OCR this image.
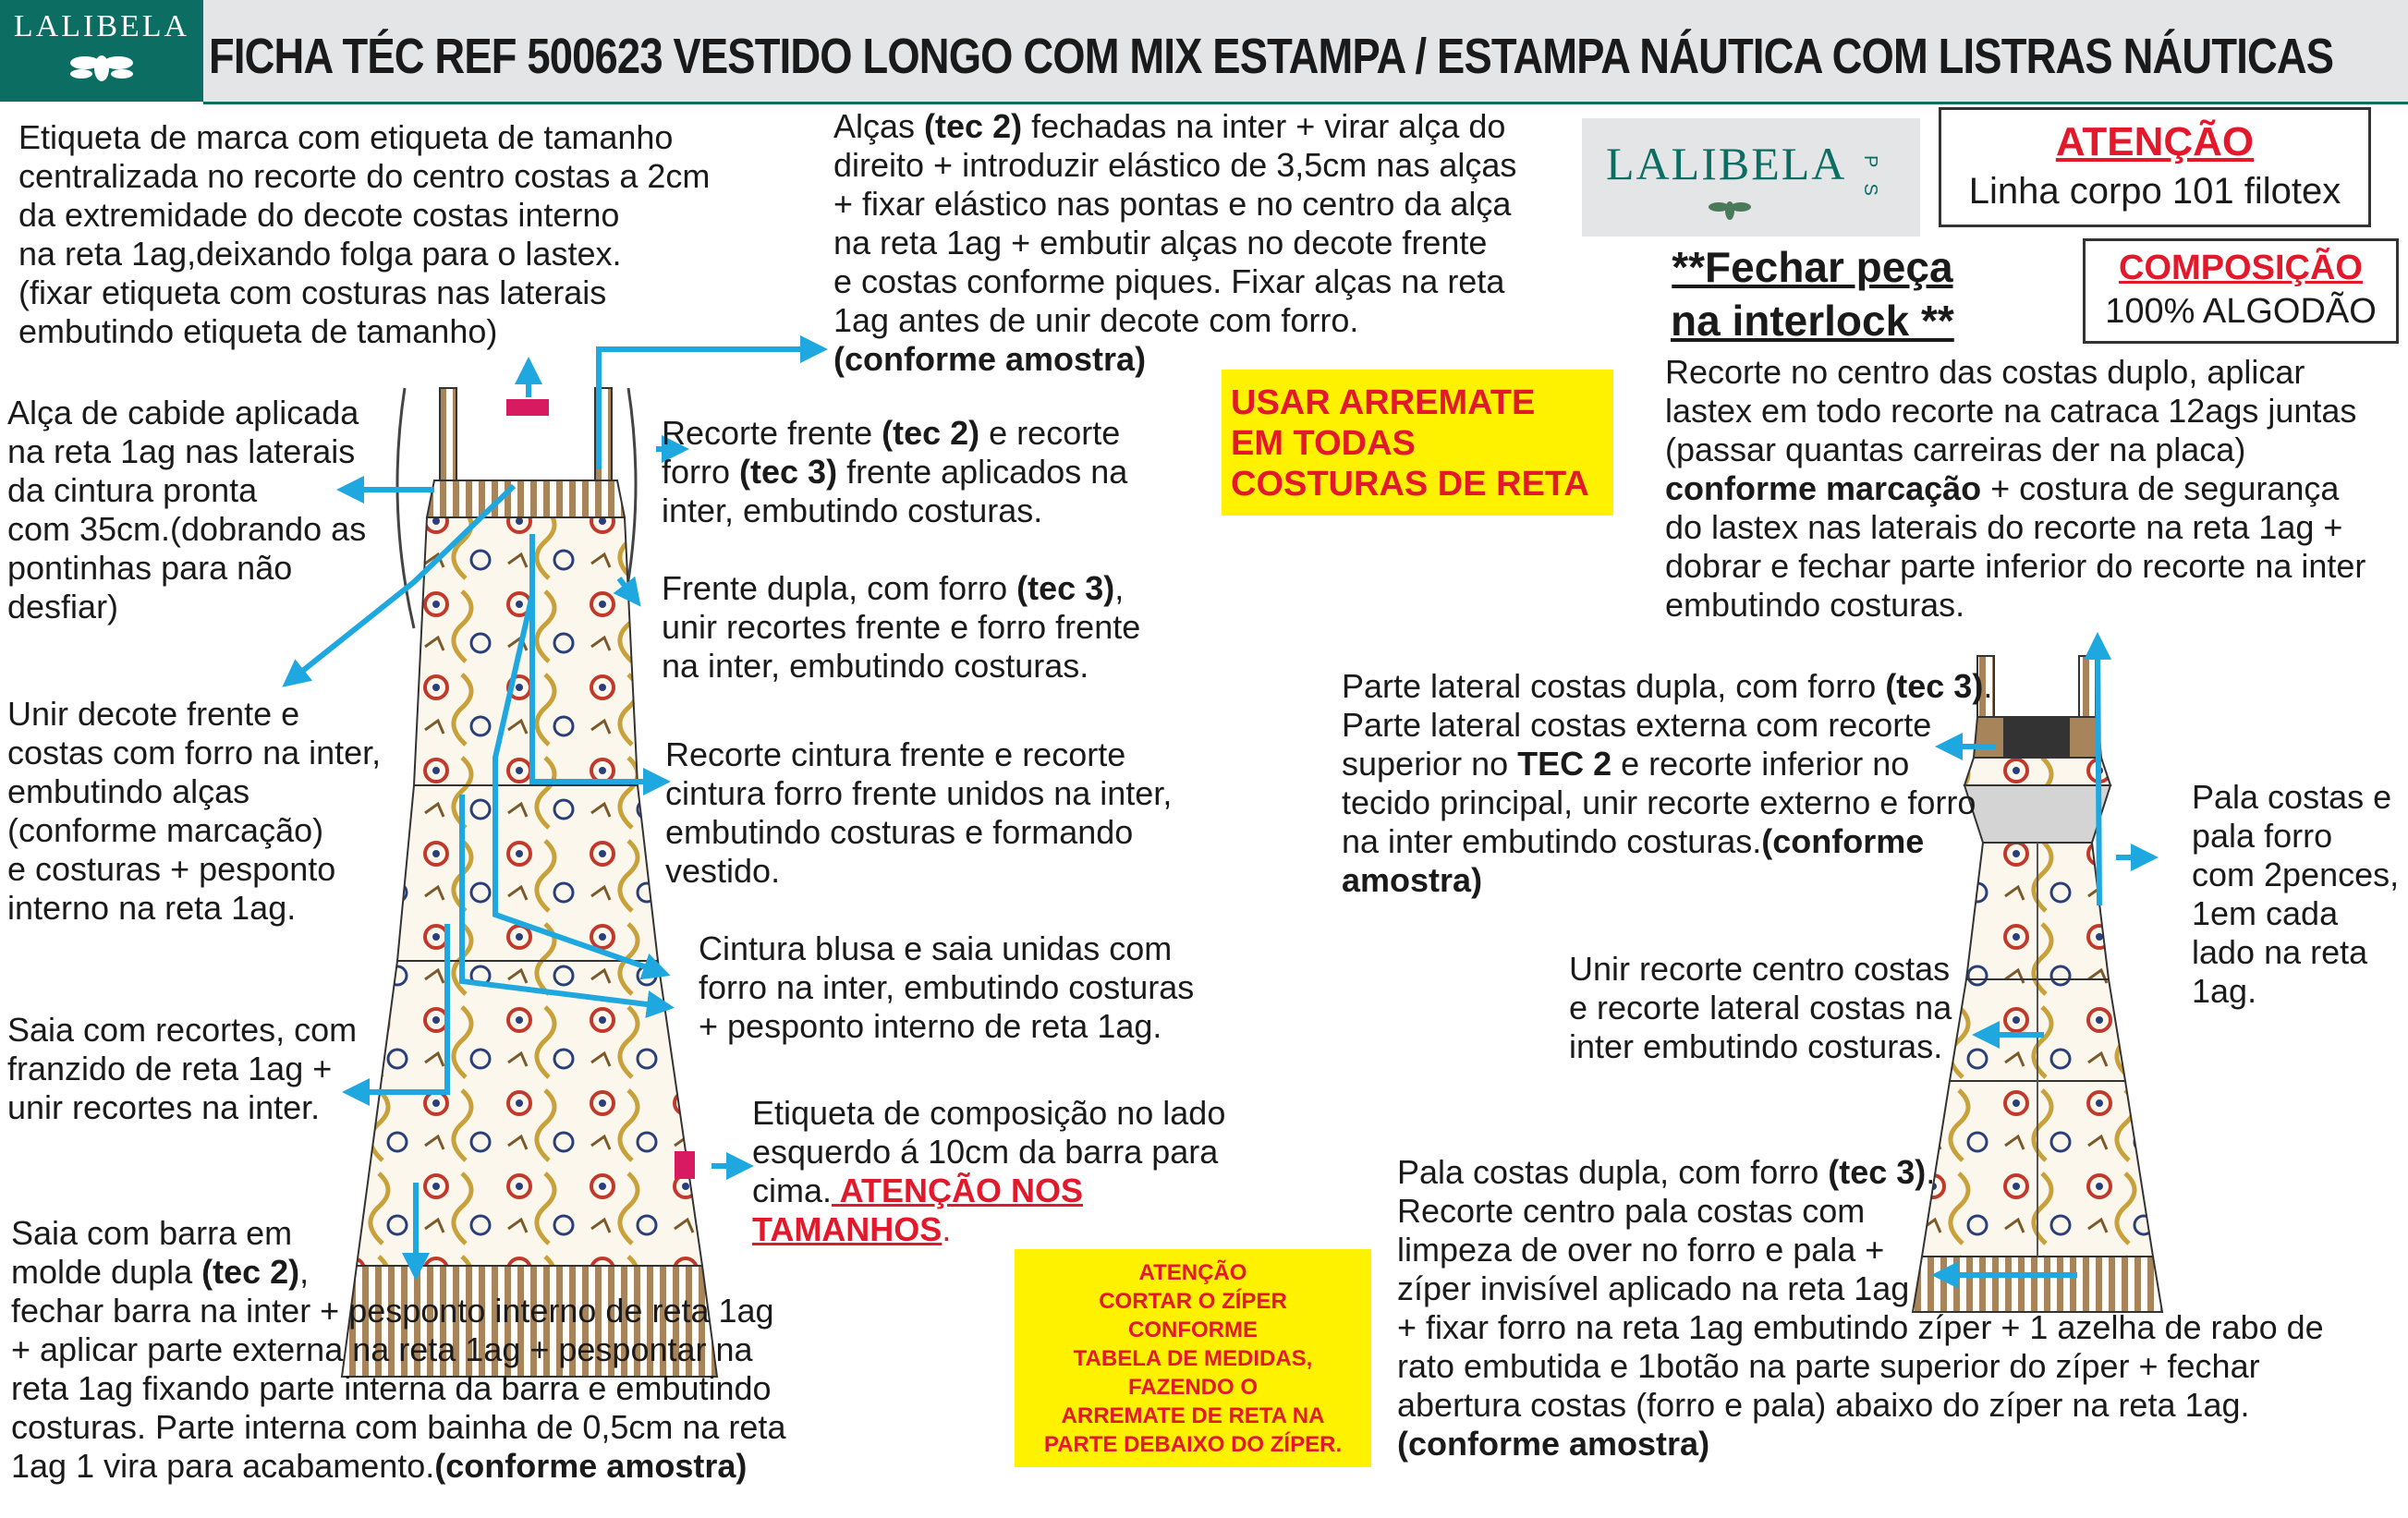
LALIBELA
FICHA TÉC REF 500623 VESTIDO LONGO COM MIX ESTAMPA / ESTAMPA NÁUTICA COM LISTRAS NÁUTICAS
LALIBELA P S
ATENÇÃO
Linha corpo 101 filotex
COMPOSIÇÃO
100% ALGODÃO
**Fechar peça
na interlock **
USAR ARREMATE
EM TODAS
COSTURAS DE RETA
ATENÇÃO
CORTAR O ZÍPER
CONFORME
TABELA DE MEDIDAS,
FAZENDO O
ARREMATE DE RETA NA
PARTE DEBAIXO DO ZÍPER.
Etiqueta de marca com etiqueta de tamanho
centralizada no recorte do centro costas a 2cm
da extremidade do decote costas interno
na reta 1ag,deixando folga para o lastex.
(fixar etiqueta com costuras nas laterais
embutindo etiqueta de tamanho)
Alça de cabide aplicada
na reta 1ag nas laterais
da cintura pronta
com 35cm.(dobrando as
pontinhas para não
desfiar)
Unir decote frente e
costas com forro na inter,
embutindo alças
(conforme marcação)
e costuras + pesponto
interno na reta 1ag.
Saia com recortes, com
franzido de reta 1ag +
unir recortes na inter.
Saia com barra em
molde dupla (tec 2),
fechar barra na inter + pesponto interno de reta 1ag
+ aplicar parte externa na reta 1ag + pespontar na
reta 1ag fixando parte interna da barra e embutindo
costuras. Parte interna com bainha de 0,5cm na reta
1ag 1 vira para acabamento.(conforme amostra)
Alças (tec 2) fechadas na inter + virar alça do
direito + introduzir elástico de 3,5cm nas alças
+ fixar elástico nas pontas e no centro da alça
na reta 1ag + embutir alças no decote frente
e costas conforme piques. Fixar alças na reta
1ag antes de unir decote com forro.
(conforme amostra)
Recorte frente (tec 2) e recorte
forro (tec 3) frente aplicados na
inter, embutindo costuras.
Frente dupla, com forro (tec 3),
unir recortes frente e forro frente
na inter, embutindo costuras.
Recorte cintura frente e recorte
cintura forro frente unidos na inter,
embutindo costuras e formando
vestido.
Cintura blusa e saia unidas com
forro na inter, embutindo costuras
+ pesponto interno de reta 1ag.
Etiqueta de composição no lado
esquerdo á 10cm da barra para
cima. ATENÇÃO NOS
TAMANHOS.
Recorte no centro das costas duplo, aplicar
lastex em todo recorte na catraca 12ags juntas
(passar quantas carreiras der na placa)
conforme marcação + costura de segurança
do lastex nas laterais do recorte na reta 1ag +
dobrar e fechar parte inferior do recorte na inter
embutindo costuras.
Parte lateral costas dupla, com forro (tec 3).
Parte lateral costas externa com recorte
superior no TEC 2 e recorte inferior no
tecido principal, unir recorte externo e forro
na inter embutindo costuras.(conforme
amostra)
Pala costas e
pala forro
com 2pences,
1em cada
lado na reta
1ag.
Unir recorte centro costas
e recorte lateral costas na
inter embutindo costuras.
Pala costas dupla, com forro (tec 3).
Recorte centro pala costas com
limpeza de over no forro e pala +
zíper invisível aplicado na reta 1ag
+ fixar forro na reta 1ag embutindo zíper + 1 azelha de rabo de
rato embutida e 1botão na parte superior do zíper + fechar
abertura costas (forro e pala) abaixo do zíper na reta 1ag.
(conforme amostra)
